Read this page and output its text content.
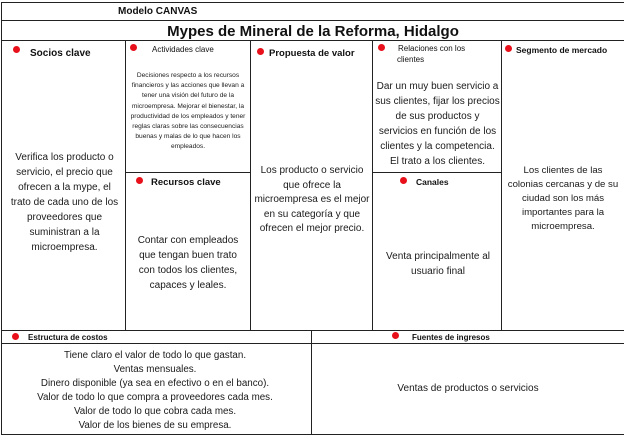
Modelo CANVAS
Mypes de Mineral de la Reforma, Hidalgo
Socios clave
Verifica los producto o servicio, el precio que ofrecen a la mype, el trato de cada uno de los proveedores que suministran a la microempresa.
Actividades clave
Decisiones respecto a los recursos financieros y las acciones que llevan a tener una visión del futuro de la microempresa. Mejorar el bienestar, la productividad de los empleados y tener reglas claras sobre las consecuencias buenas y malas de lo que hacen los empleados.
Recursos clave
Contar con empleados que tengan buen trato con todos los clientes, capaces y leales.
Propuesta de valor
Los producto o servicio que ofrece la microempresa es el mejor en su categoría y que ofrecen el mejor precio.
Relaciones con los
clientes
Dar un muy buen servicio a sus clientes, fijar los precios de sus productos y servicios en función de los clientes y la competencia. El trato a los clientes.
Canales
Venta principalmente al usuario final
Segmento de mercado
Los clientes de las colonias cercanas y de su ciudad son los más importantes para la microempresa.
Estructura de costos
Tiene claro el valor de todo lo que gastan.
Ventas mensuales.
Dinero disponible (ya sea en efectivo o en el banco).
Valor de todo lo que compra a proveedores cada mes.
Valor de todo lo que cobra cada mes.
Valor de los bienes de su empresa.
Fuentes de ingresos
Ventas de productos o servicios
